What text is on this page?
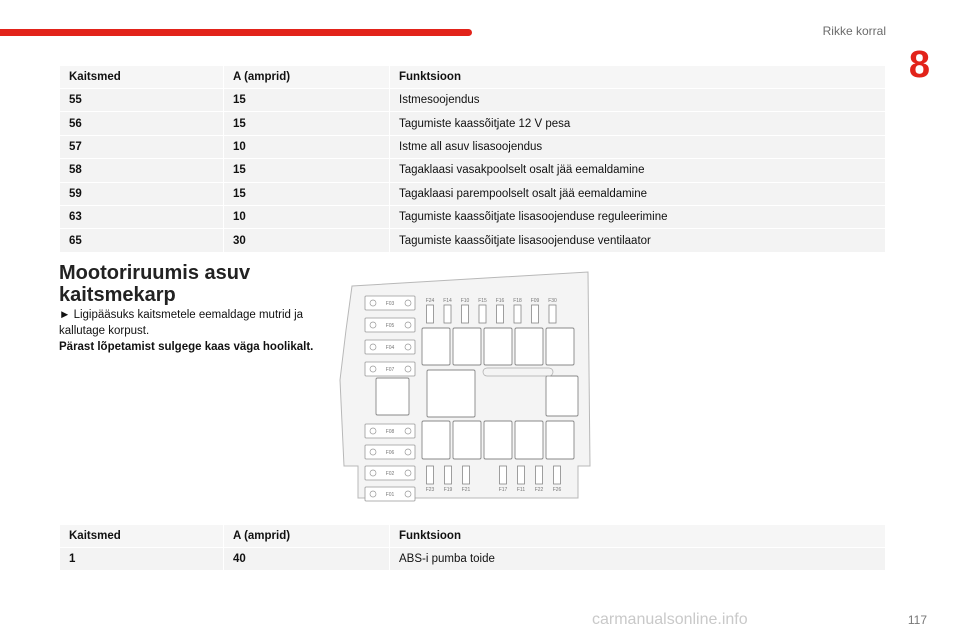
Rikke korral
8
Kaitsmed	A (amprid)	Funktsioon
55	15	Istmesoojendus
56	15	Tagumiste kaassõitjate 12 V pesa
57	10	Istme all asuv lisasoojendus
58	15	Tagaklaasi vasakpoolselt osalt jää eemaldamine
59	15	Tagaklaasi parempoolselt osalt jää eemaldamine
63	10	Tagumiste kaassõitjate lisasoojenduse reguleerimine
65	30	Tagumiste kaassõitjate lisasoojenduse ventilaator
Mootoriruumis asuv kaitsmekarp
► Ligipääsuks kaitsmetele eemaldage mutrid ja kallutage korpust.
Pärast lõpetamist sulgege kaas väga hoolikalt.
F03
F05
F04
F07
F08
F06
F02
F01
F24 F14 F10 F15 F16 F18 F09 F30
F23 F19 F21	F17 F11 F22 F26
Kaitsmed	A (amprid)	Funktsioon
1	40	ABS-i pumba toide
carmanualsonline.info	117
